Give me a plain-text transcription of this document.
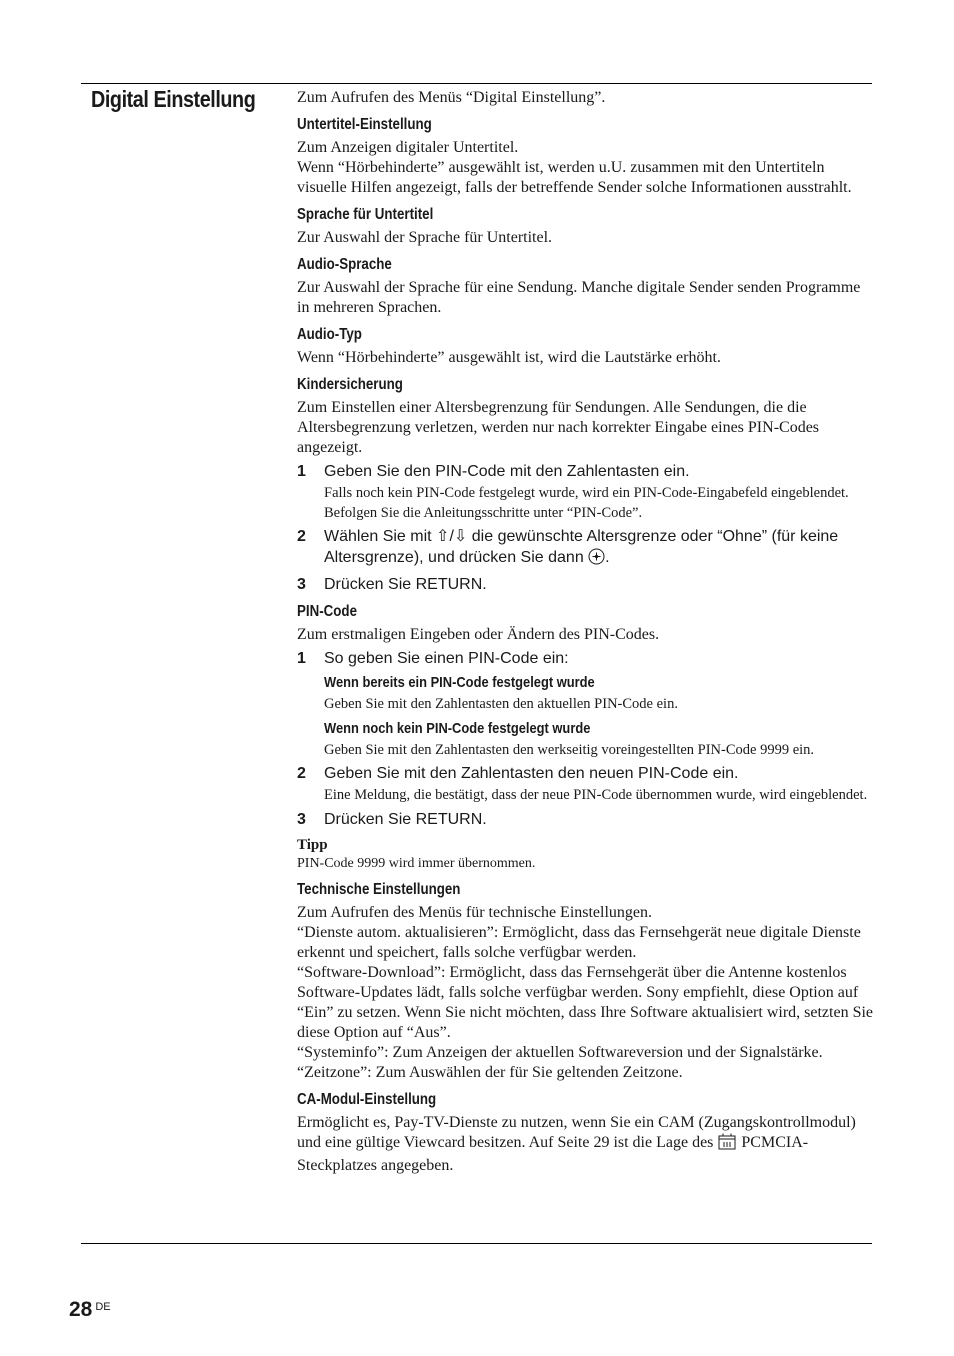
Digital Einstellung	Zum Aufrufen des Menüs “Digital Einstellung”.

Untertitel-Einstellung

Zum Anzeigen digitaler Untertitel.

Wenn “Hörbehinderte” ausgewählt ist, werden u.U. zusammen mit den Untertiteln visuelle Hilfen angezeigt, falls der betreffende Sender solche Informationen ausstrahlt.

Sprache für Untertitel

Zur Auswahl der Sprache für Untertitel.

Audio-Sprache

Zur Auswahl der Sprache für eine Sendung. Manche digitale Sender senden Programme in mehreren Sprachen.

Audio-Typ

Wenn “Hörbehinderte” ausgewählt ist, wird die Lautstärke erhöht.

Kindersicherung

Zum Einstellen einer Altersbegrenzung für Sendungen. Alle Sendungen, die die Altersbegrenzung verletzen, werden nur nach korrekter Eingabe eines PIN-Codes angezeigt.

1	Geben Sie den PIN-Code mit den Zahlentasten ein.

Falls noch kein PIN-Code festgelegt wurde, wird ein PIN-Code-Eingabefeld eingeblendet. Befolgen Sie die Anleitungsschritte unter “PIN-Code”.

2	Wählen Sie mit ⇧/⇩ die gewünschte Altersgrenze oder “Ohne” (für keine Altersgrenze), und drücken Sie dann .
3	Drücken Sie RETURN.
PIN-Code

Zum erstmaligen Eingeben oder Ändern des PIN-Codes.

1	So geben Sie einen PIN-Code ein:
Wenn bereits ein PIN-Code festgelegt wurde

Geben Sie mit den Zahlentasten den aktuellen PIN-Code ein.

Wenn noch kein PIN-Code festgelegt wurde

Geben Sie mit den Zahlentasten den werkseitig voreingestellten PIN-Code 9999 ein.

2	Geben Sie mit den Zahlentasten den neuen PIN-Code ein.

Eine Meldung, die bestätigt, dass der neue PIN-Code übernommen wurde, wird eingeblendet.

3	Drücken Sie RETURN.
Tipp
PIN-Code 9999 wird immer übernommen.
Technische Einstellungen

Zum Aufrufen des Menüs für technische Einstellungen.

“Dienste autom. aktualisieren”: Ermöglicht, dass das Fernsehgerät neue digitale Dienste erkennt und speichert, falls solche verfügbar werden.

“Software-Download”: Ermöglicht, dass das Fernsehgerät über die Antenne kostenlos Software-Updates lädt, falls solche verfügbar werden. Sony empfiehlt, diese Option auf “Ein” zu setzen. Wenn Sie nicht möchten, dass Ihre Software aktualisiert wird, setzten Sie diese Option auf “Aus”.

“Systeminfo”: Zum Anzeigen der aktuellen Softwareversion und der Signalstärke.

“Zeitzone”: Zum Auswählen der für Sie geltenden Zeitzone.

CA-Modul-Einstellung

Ermöglicht es, Pay-TV-Dienste zu nutzen, wenn Sie ein CAM (Zugangskontrollmodul) und eine gültige Viewcard besitzen. Auf Seite 29 ist die Lage des PCMCIA-Steckplatzes angegeben.

28 $^{DE}$
